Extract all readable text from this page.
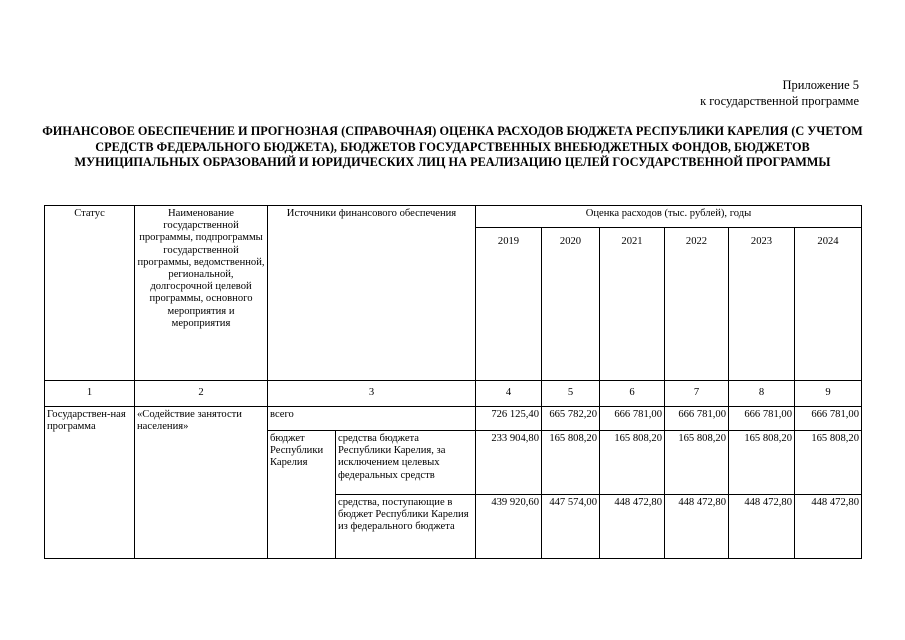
Приложение 5
к государственной программе

ФИНАНСОВОЕ ОБЕСПЕЧЕНИЕ И ПРОГНОЗНАЯ (СПРАВОЧНАЯ) ОЦЕНКА РАСХОДОВ БЮДЖЕТА РЕСПУБЛИКИ КАРЕЛИЯ (С УЧЕТОМ СРЕДСТВ ФЕДЕРАЛЬНОГО БЮДЖЕТА), БЮДЖЕТОВ ГОСУДАРСТВЕННЫХ ВНЕБЮДЖЕТНЫХ ФОНДОВ, БЮДЖЕТОВ МУНИЦИПАЛЬНЫХ ОБРАЗОВАНИЙ И ЮРИДИЧЕСКИХ ЛИЦ НА РЕАЛИЗАЦИЮ ЦЕЛЕЙ ГОСУДАРСТВЕННОЙ ПРОГРАММЫ

Статус	Наименование государственной программы, подпрограммы государственной программы, ведомственной, региональной, долгосрочной целевой программы, основного мероприятия и мероприятия	Источники финансового обеспечения		Оценка расходов (тыс. рублей), годы					
				2019	2020	2021	2022	2023	2024
1	2	3		4	5	6	7	8	9
Государствен-ная программа	«Содействие занятости населения»	всего		726 125,40	665 782,20	666 781,00	666 781,00	666 781,00	666 781,00
		бюджет Республики Карелия	средства бюджета Республики Карелия, за исключением целевых федеральных средств	233 904,80	165 808,20	165 808,20	165 808,20	165 808,20	165 808,20
			средства, поступающие в бюджет Республики Карелия из федерального бюджета	439 920,60	447 574,00	448 472,80	448 472,80	448 472,80	448 472,80
